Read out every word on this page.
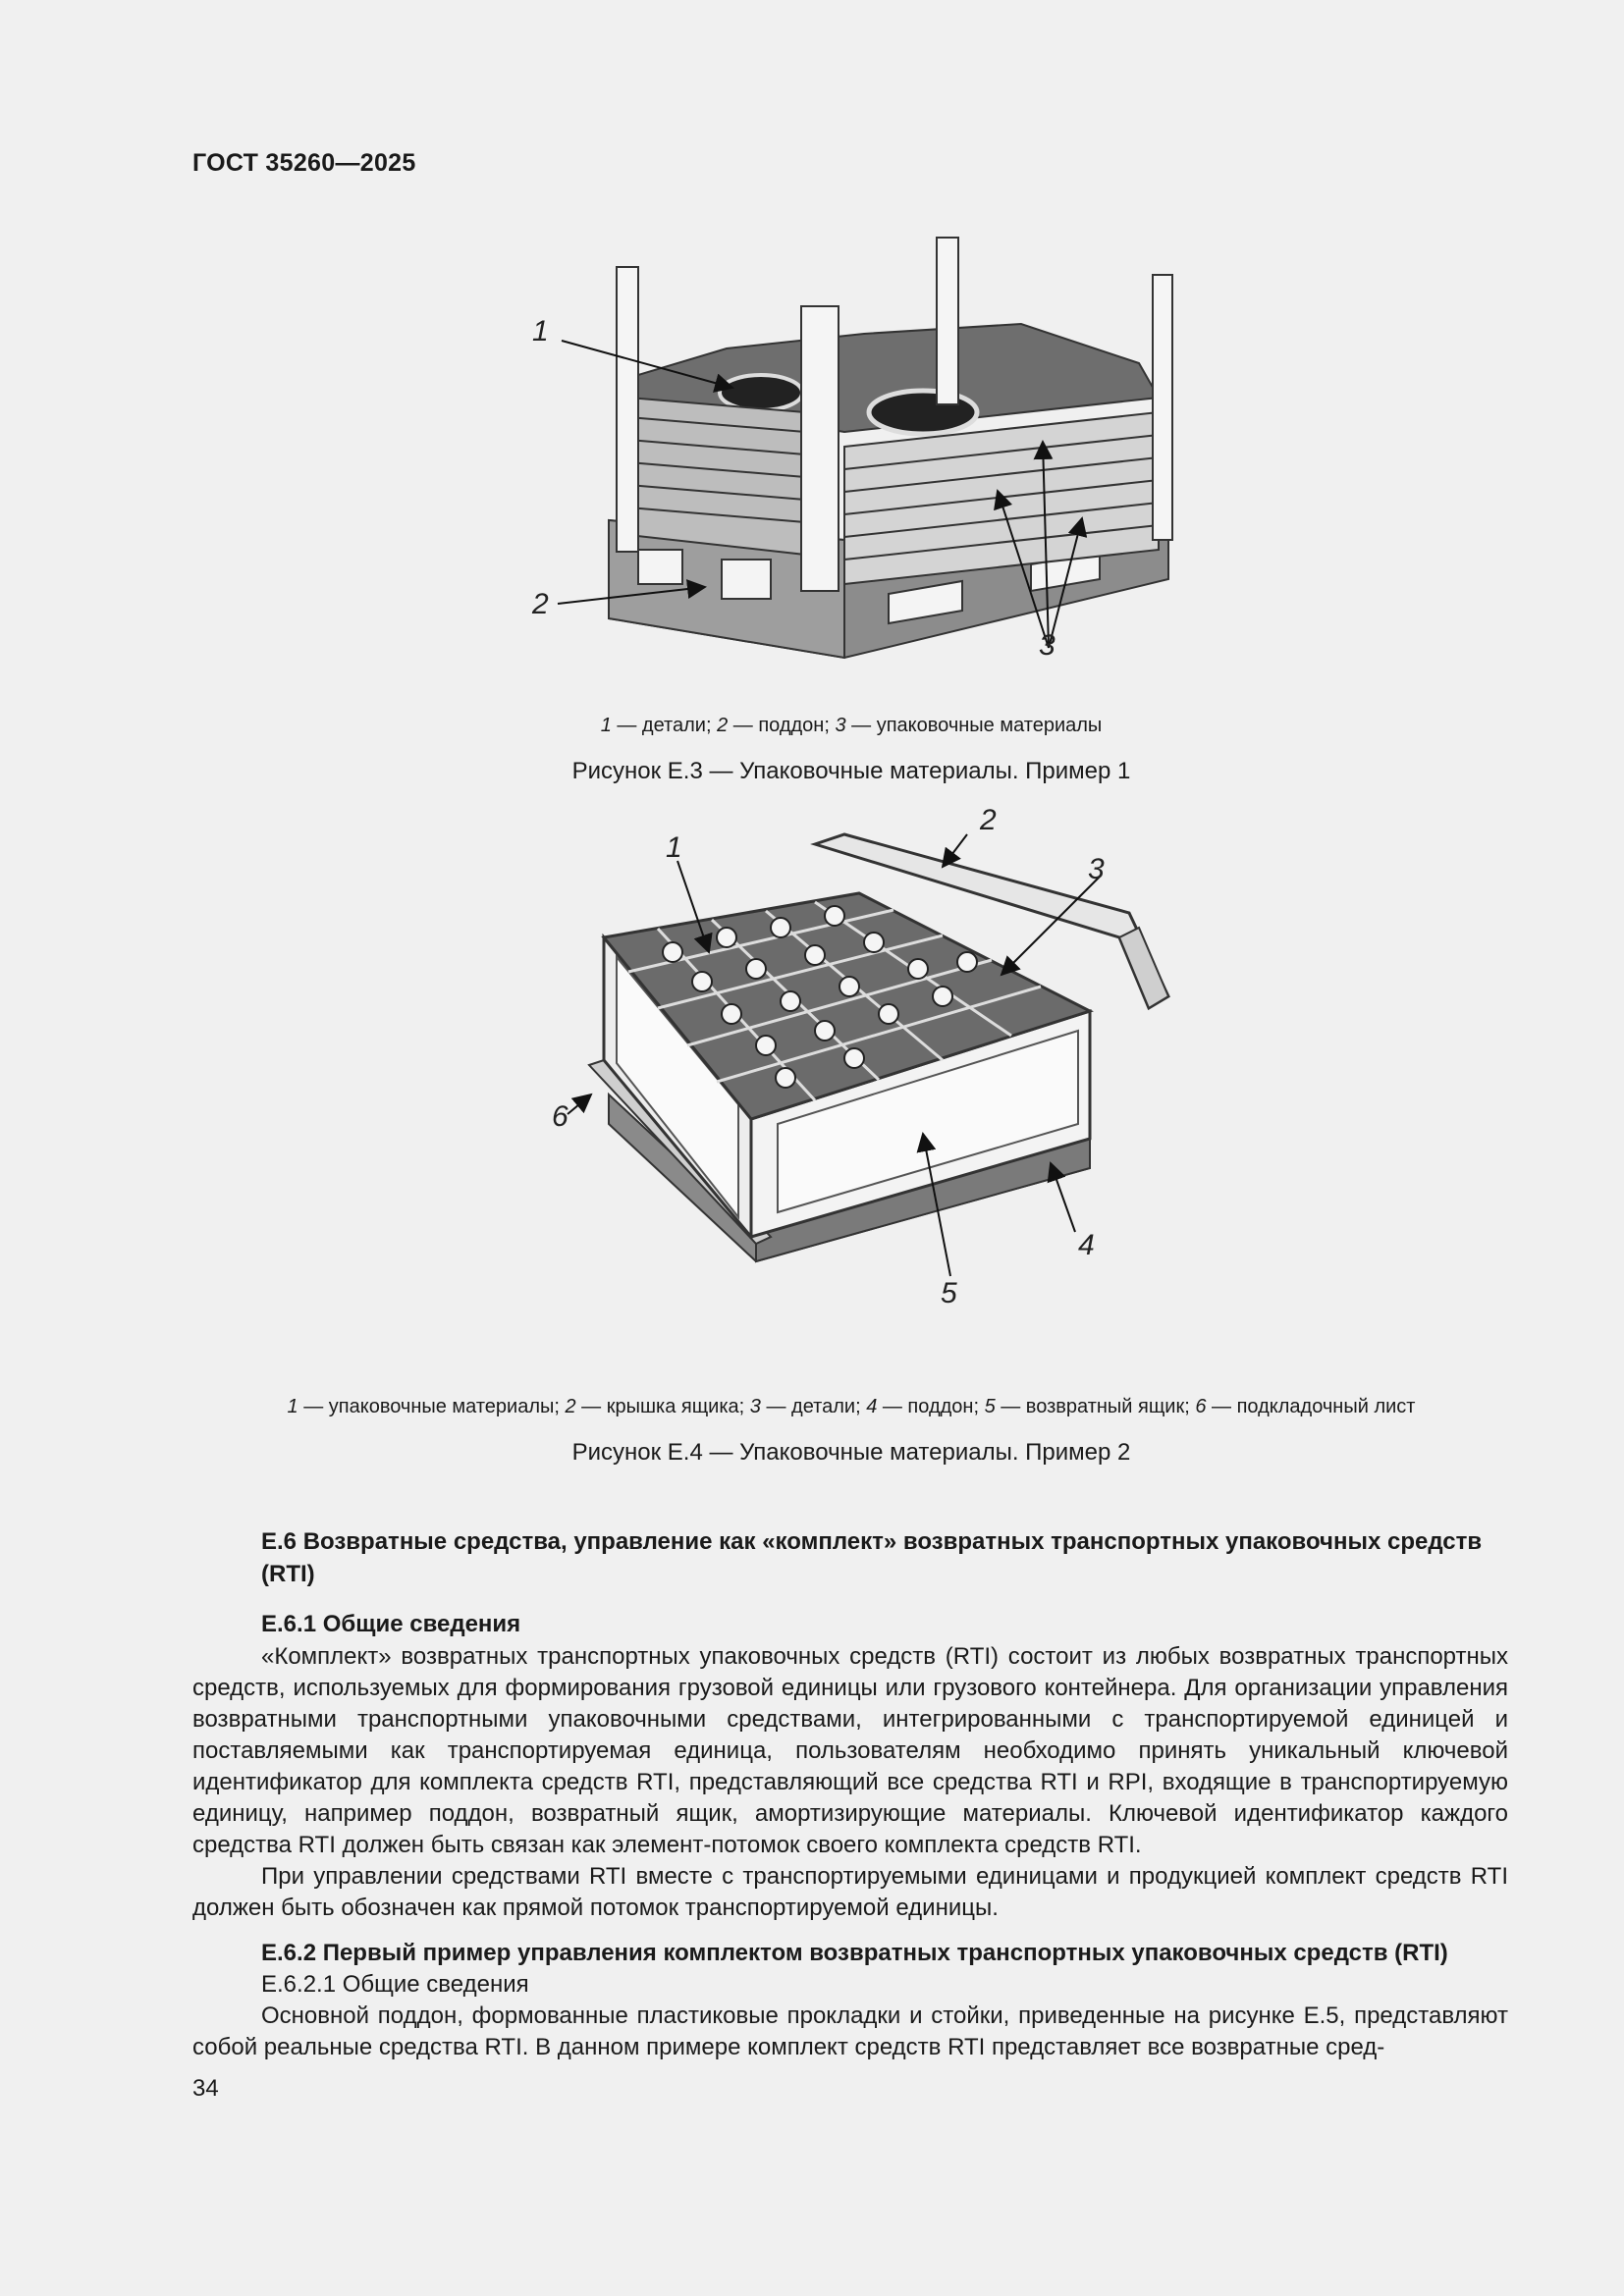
ГОСТ 35260—2025
1
2
3
1 — детали; 2 — поддон; 3 — упаковочные материалы
Рисунок Е.3 — Упаковочные материалы. Пример 1
1
2
3
4
5
6
1 — упаковочные материалы; 2 — крышка ящика; 3 — детали; 4 — поддон; 5 — возвратный ящик; 6 — подкладочный лист
Рисунок Е.4 — Упаковочные материалы. Пример 2
Е.6 Возвратные средства, управление как «комплект» возвратных транспортных упаковочных средств (RTI)
Е.6.1 Общие сведения
«Комплект» возвратных транспортных упаковочных средств (RTI) состоит из любых возвратных транспортных средств, используемых для формирования грузовой единицы или грузового контейнера. Для организации управления возвратными транспортными упаковочными средствами, интегрированными с транспортируемой единицей и поставляемыми как транспортируемая единица, пользователям необходимо принять уникальный ключевой идентификатор для комплекта средств RTI, представляющий все средства RTI и RPI, входящие в транспортируемую единицу, например поддон, возвратный ящик, амортизирующие материалы. Ключевой идентификатор каждого средства RTI должен быть связан как элемент-потомок своего комплекта средств RTI.
При управлении средствами RTI вместе с транспортируемыми единицами и продукцией комплект средств RTI должен быть обозначен как прямой потомок транспортируемой единицы.
Е.6.2 Первый пример управления комплектом возвратных транспортных упаковочных средств (RTI)
Е.6.2.1 Общие сведения
Основной поддон, формованные пластиковые прокладки и стойки, приведенные на рисунке Е.5, представляют собой реальные средства RTI. В данном примере комплект средств RTI представляет все возвратные сред-
34
